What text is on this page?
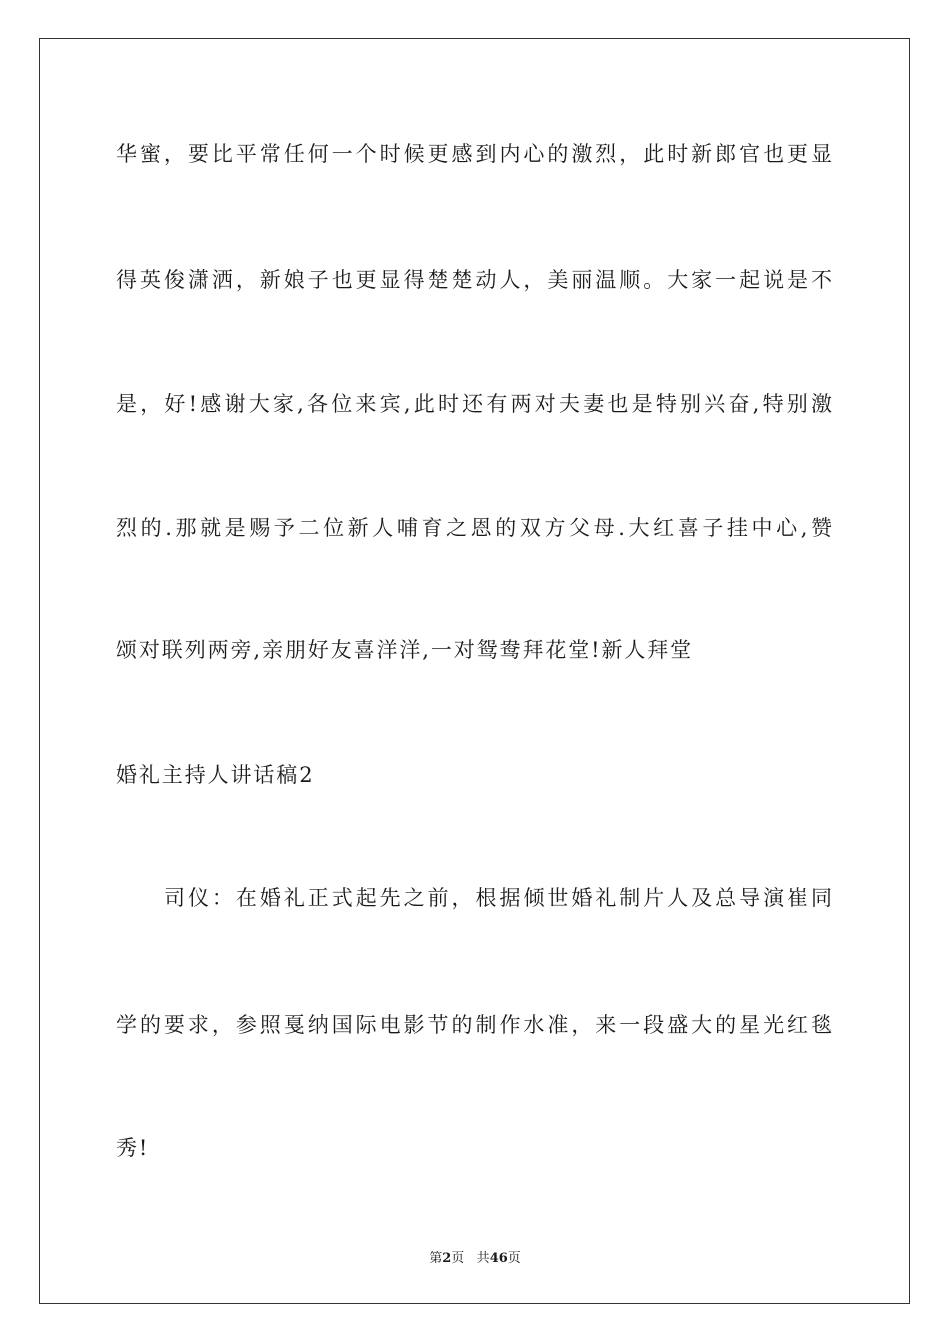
华蜜，要比平常任何一个时候更感到内心的激烈，此时新郎官也更显
得英俊潇洒，新娘子也更显得楚楚动人，美丽温顺。大家一起说是不
是，好!感谢大家,各位来宾,此时还有两对夫妻也是特别兴奋,特别激
烈的.那就是赐予二位新人哺育之恩的双方父母.大红喜子挂中心,赞
颂对联列两旁,亲朋好友喜洋洋,一对鸳鸯拜花堂!新人拜堂
婚礼主持人讲话稿2
司仪：在婚礼正式起先之前，根据倾世婚礼制片人及总导演崔同
学的要求，参照戛纳国际电影节的制作水准，来一段盛大的星光红毯
秀!
第2页 共46页
